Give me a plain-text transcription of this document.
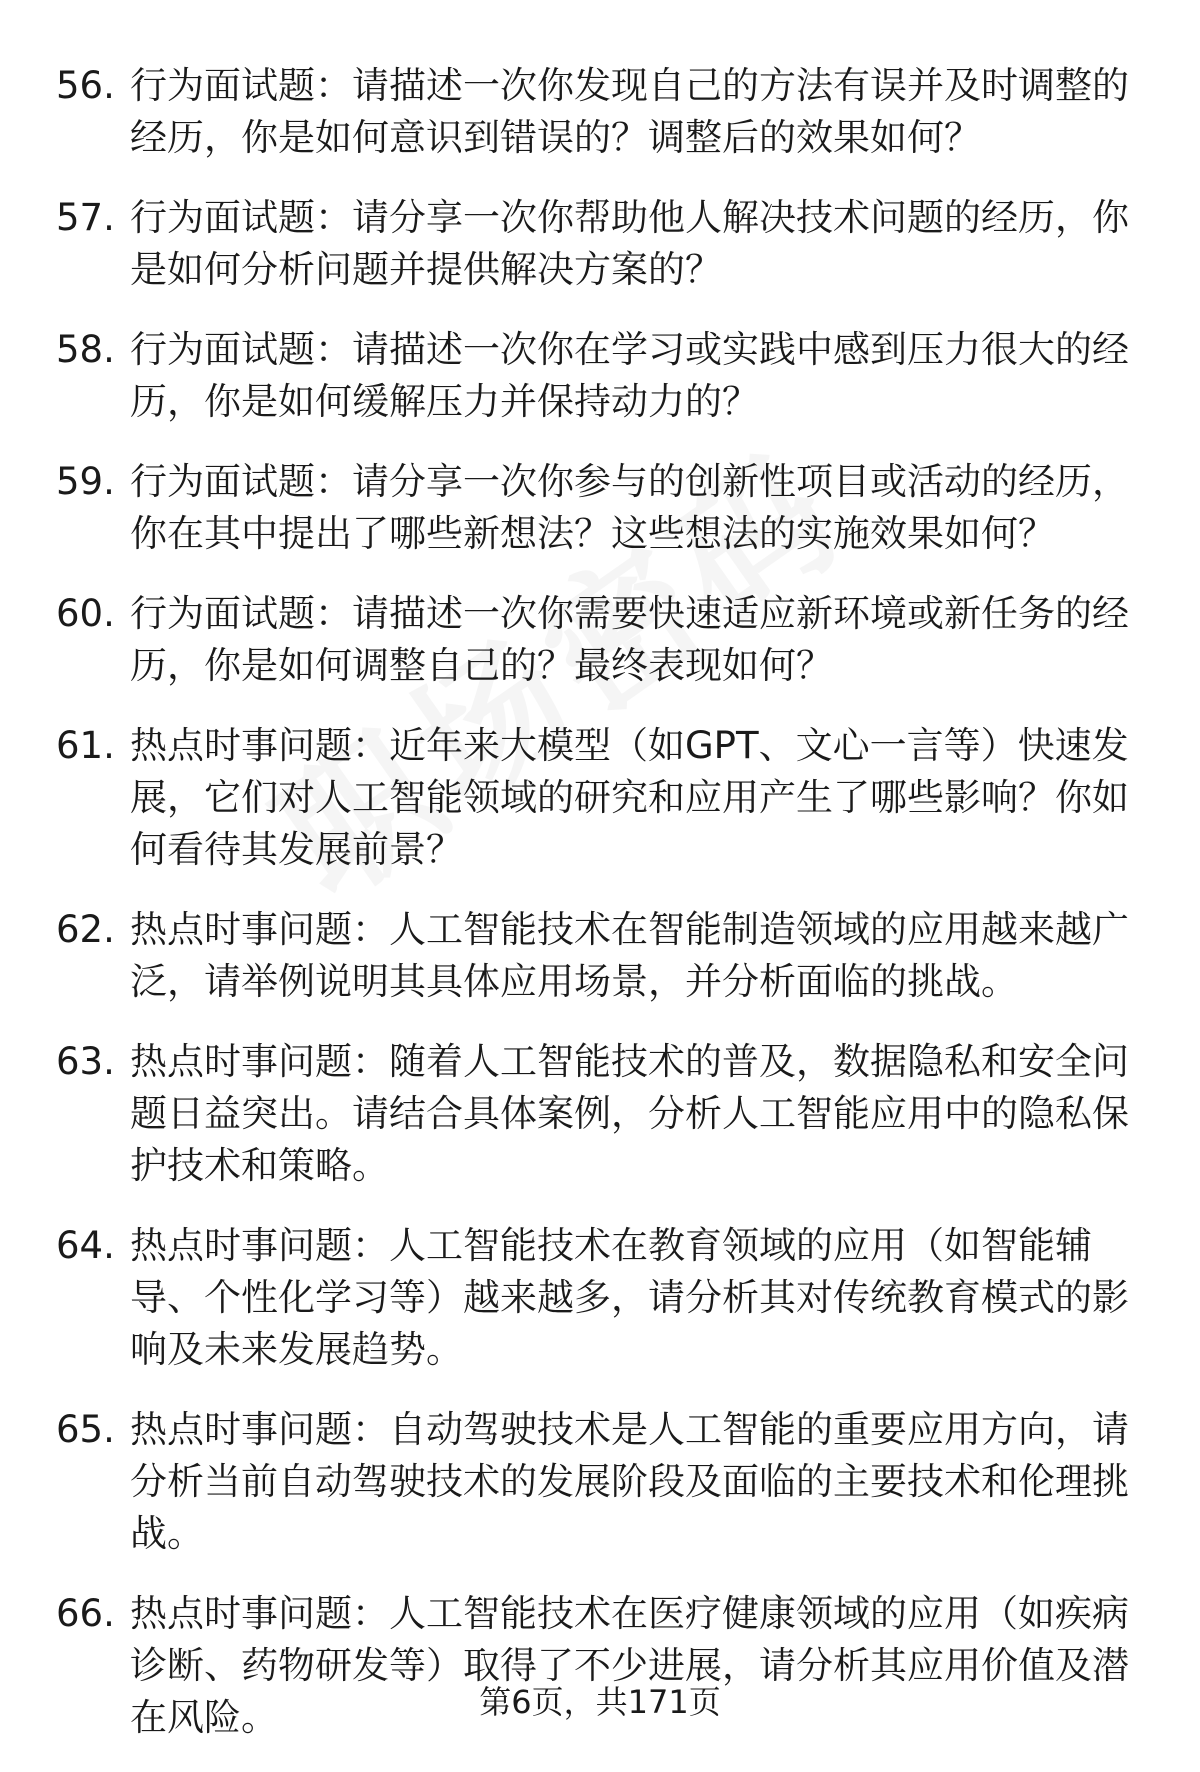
56. 行为面试题：请描述一次你发现自己的方法有误并及时调整的经历，你是如何意识到错误的？调整后的效果如何？
57. 行为面试题：请分享一次你帮助他人解决技术问题的经历，你是如何分析问题并提供解决方案的？
58. 行为面试题：请描述一次你在学习或实践中感到压力很大的经历，你是如何缓解压力并保持动力的？
59. 行为面试题：请分享一次你参与的创新性项目或活动的经历，你在其中提出了哪些新想法？这些想法的实施效果如何？
60. 行为面试题：请描述一次你需要快速适应新环境或新任务的经历，你是如何调整自己的？最终表现如何？
61. 热点时事问题：近年来大模型（如GPT、文心一言等）快速发展，它们对人工智能领域的研究和应用产生了哪些影响？你如何看待其发展前景？
62. 热点时事问题：人工智能技术在智能制造领域的应用越来越广泛，请举例说明其具体应用场景，并分析面临的挑战。
63. 热点时事问题：随着人工智能技术的普及，数据隐私和安全问题日益突出。请结合具体案例，分析人工智能应用中的隐私保护技术和策略。
64. 热点时事问题：人工智能技术在教育领域的应用（如智能辅导、个性化学习等）越来越多，请分析其对传统教育模式的影响及未来发展趋势。
65. 热点时事问题：自动驾驶技术是人工智能的重要应用方向，请分析当前自动驾驶技术的发展阶段及面临的主要技术和伦理挑战。
66. 热点时事问题：人工智能技术在医疗健康领域的应用（如疾病诊断、药物研发等）取得了不少进展，请分析其应用价值及潜在风险。	第6页，共171页
